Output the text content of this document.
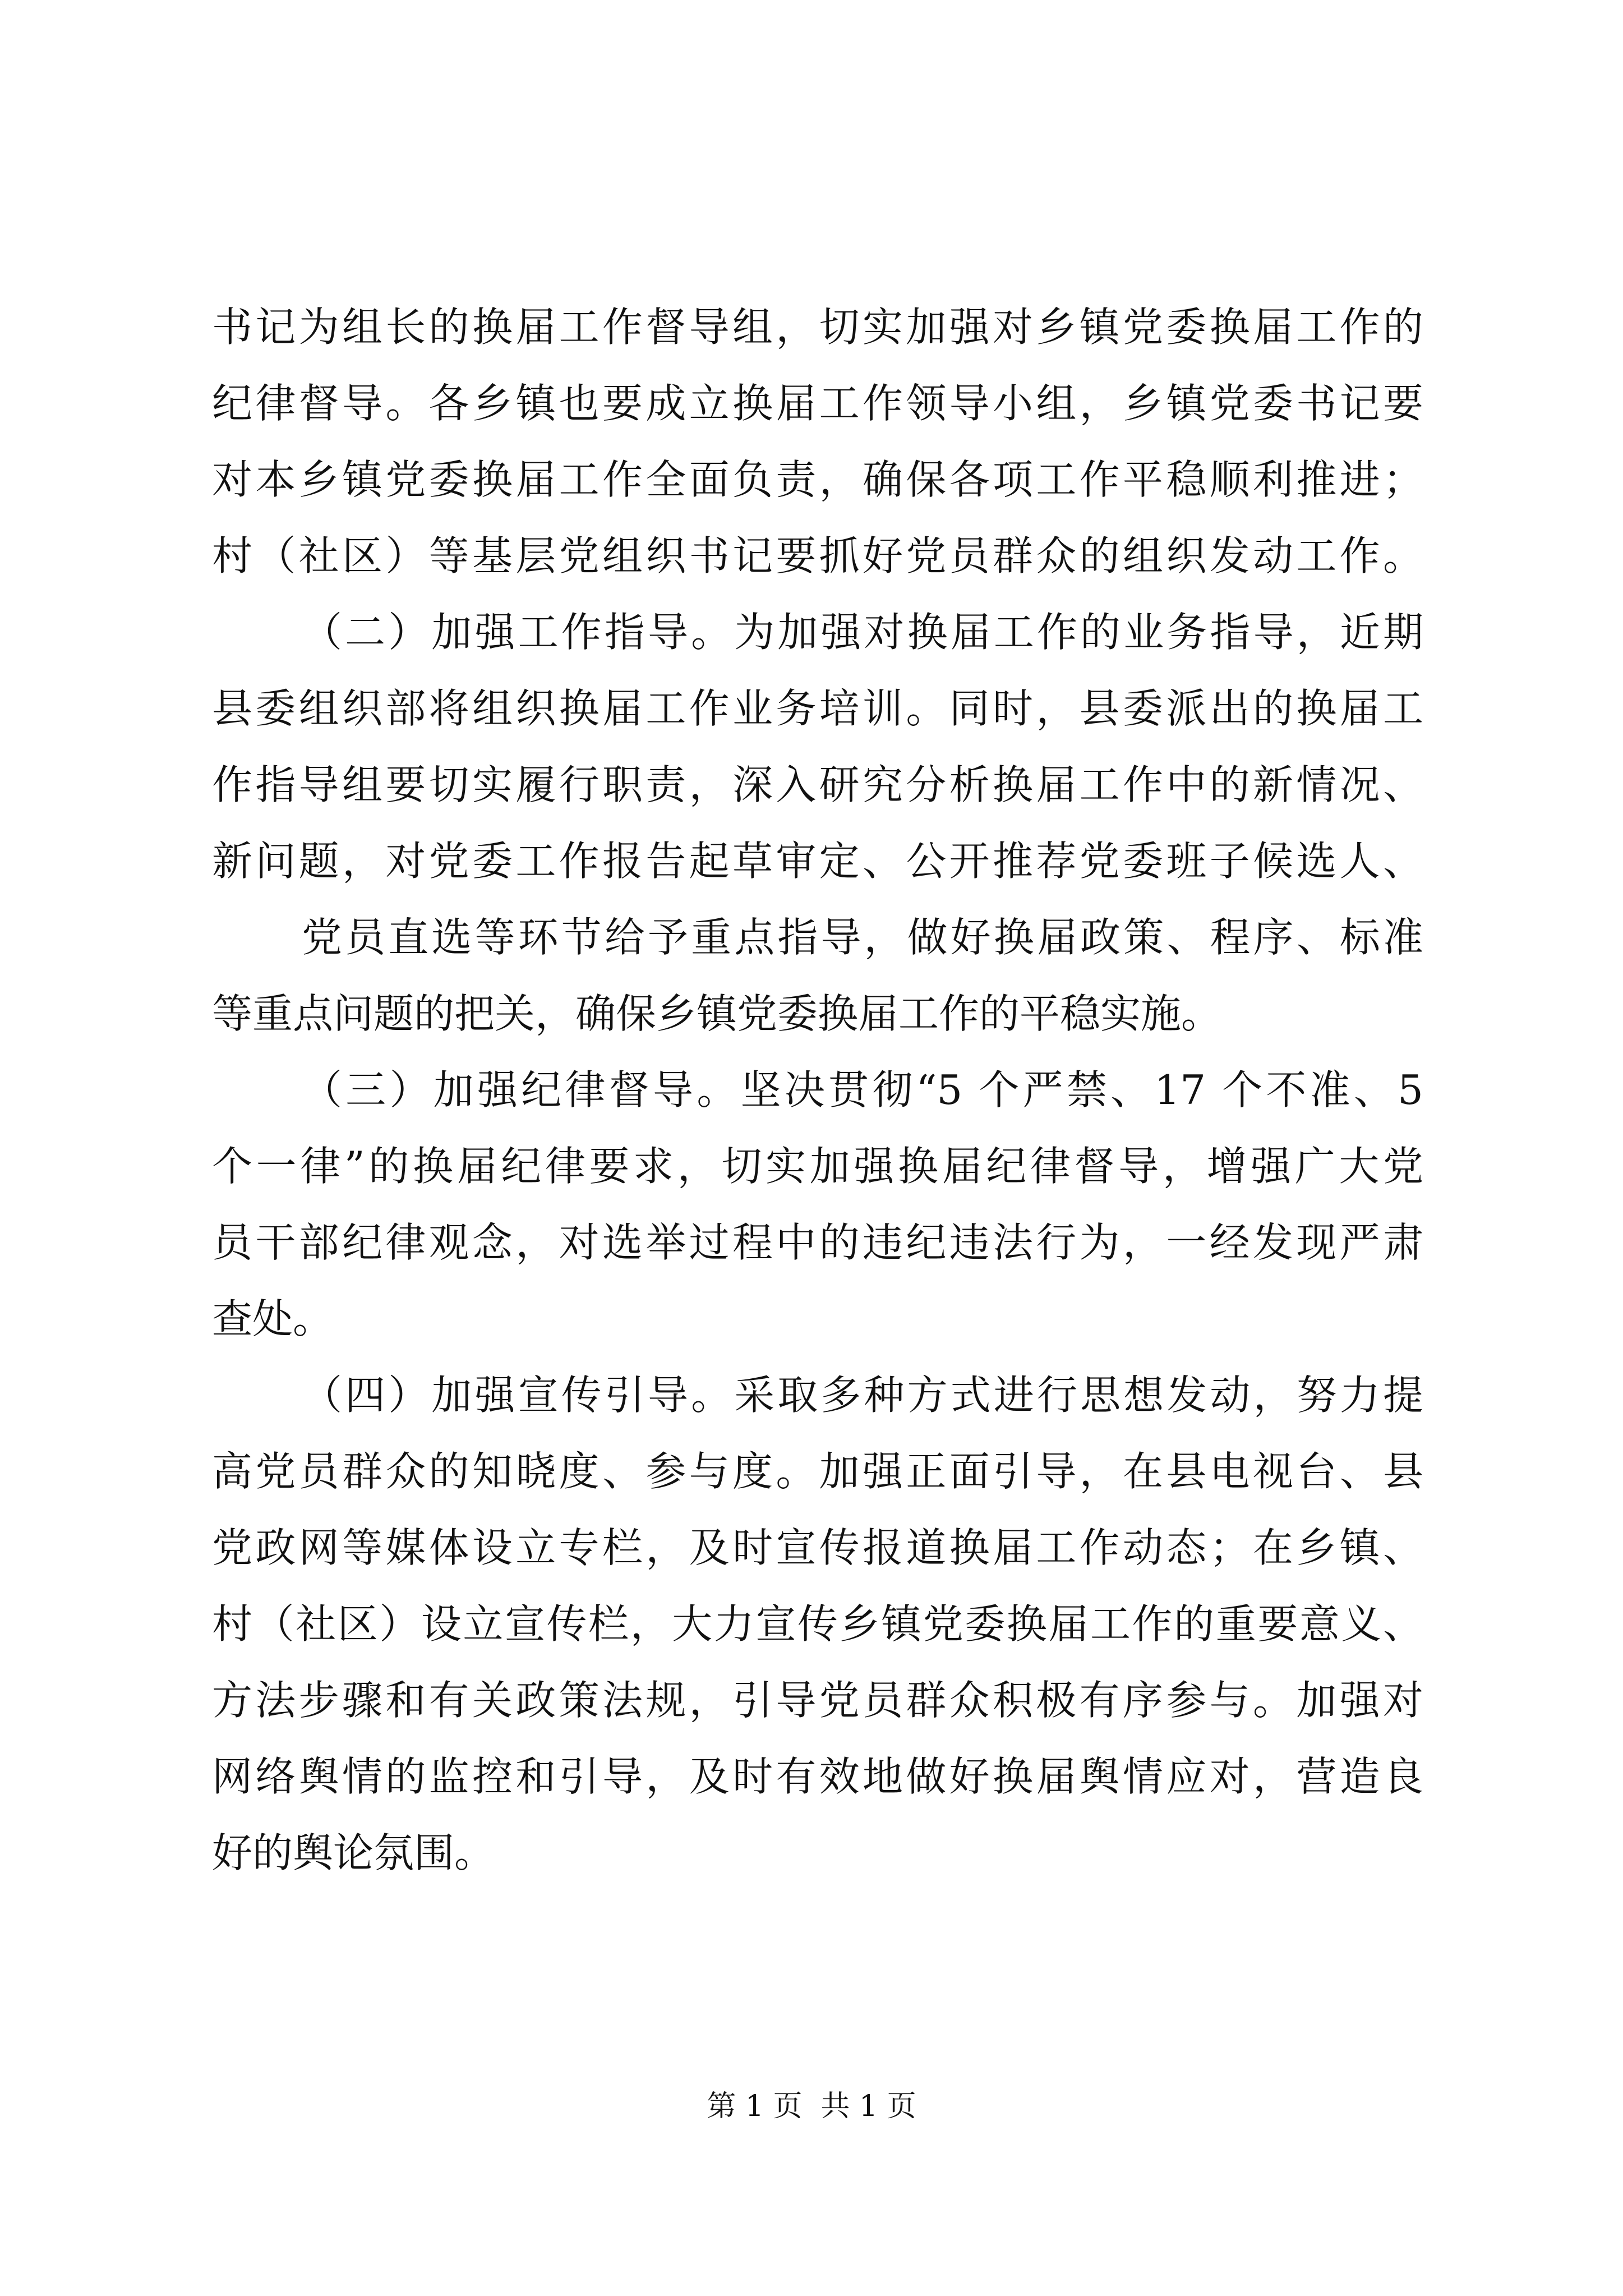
书记为组长的换届工作督导组，切实加强对乡镇党委换届工作的
纪律督导。各乡镇也要成立换届工作领导小组，乡镇党委书记要
对本乡镇党委换届工作全面负责，确保各项工作平稳顺利推进；
村（社区）等基层党组织书记要抓好党员群众的组织发动工作。
（二）加强工作指导。为加强对换届工作的业务指导，近期
县委组织部将组织换届工作业务培训。同时，县委派出的换届工
作指导组要切实履行职责，深入研究分析换届工作中的新情况、
新问题，对党委工作报告起草审定、公开推荐党委班子候选人、
党员直选等环节给予重点指导，做好换届政策、程序、标准
等重点问题的把关，确保乡镇党委换届工作的平稳实施。
（三）加强纪律督导。坚决贯彻“5 个严禁、17 个不准、5
个一律”的换届纪律要求，切实加强换届纪律督导，增强广大党
员干部纪律观念，对选举过程中的违纪违法行为，一经发现严肃
查处。
（四）加强宣传引导。采取多种方式进行思想发动，努力提
高党员群众的知晓度、参与度。加强正面引导，在县电视台、县
党政网等媒体设立专栏，及时宣传报道换届工作动态；在乡镇、
村（社区）设立宣传栏，大力宣传乡镇党委换届工作的重要意义、
方法步骤和有关政策法规，引导党员群众积极有序参与。加强对
网络舆情的监控和引导，及时有效地做好换届舆情应对，营造良
好的舆论氛围。
第 1 页  共 1 页
